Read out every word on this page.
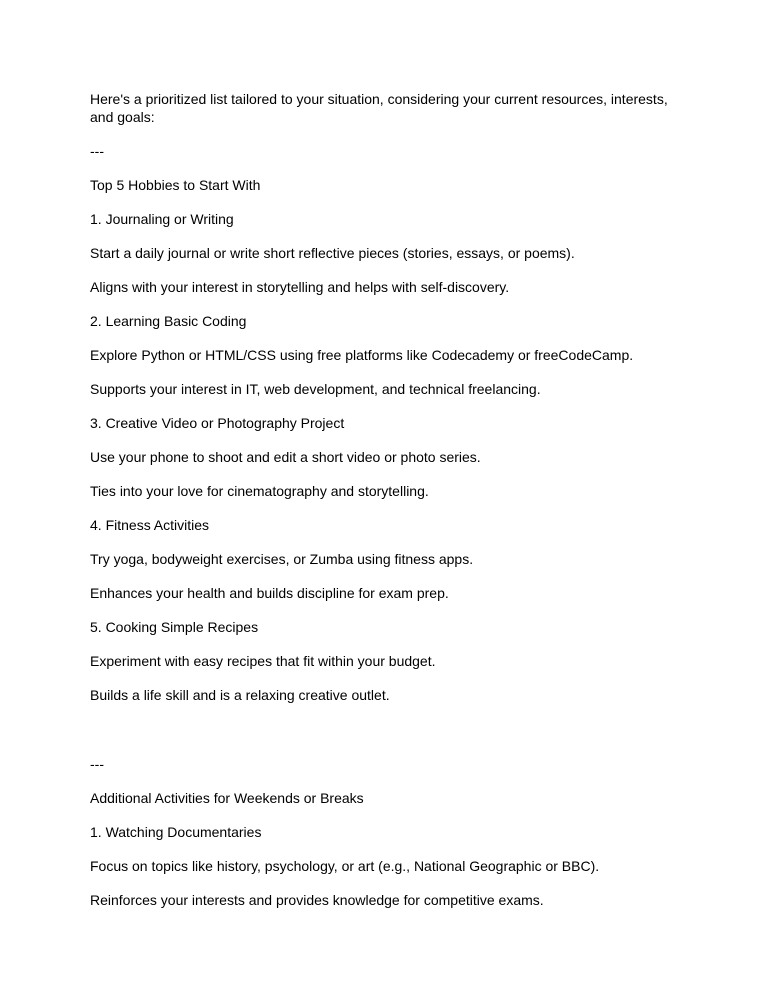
Here's a prioritized list tailored to your situation, considering your current resources, interests, and goals:

---

Top 5 Hobbies to Start With

1. Journaling or Writing

Start a daily journal or write short reflective pieces (stories, essays, or poems).

Aligns with your interest in storytelling and helps with self-discovery.

2. Learning Basic Coding

Explore Python or HTML/CSS using free platforms like Codecademy or freeCodeCamp.

Supports your interest in IT, web development, and technical freelancing.

3. Creative Video or Photography Project

Use your phone to shoot and edit a short video or photo series.

Ties into your love for cinematography and storytelling.

4. Fitness Activities

Try yoga, bodyweight exercises, or Zumba using fitness apps.

Enhances your health and builds discipline for exam prep.

5. Cooking Simple Recipes

Experiment with easy recipes that fit within your budget.

Builds a life skill and is a relaxing creative outlet.

---

Additional Activities for Weekends or Breaks

1. Watching Documentaries

Focus on topics like history, psychology, or art (e.g., National Geographic or BBC).

Reinforces your interests and provides knowledge for competitive exams.
